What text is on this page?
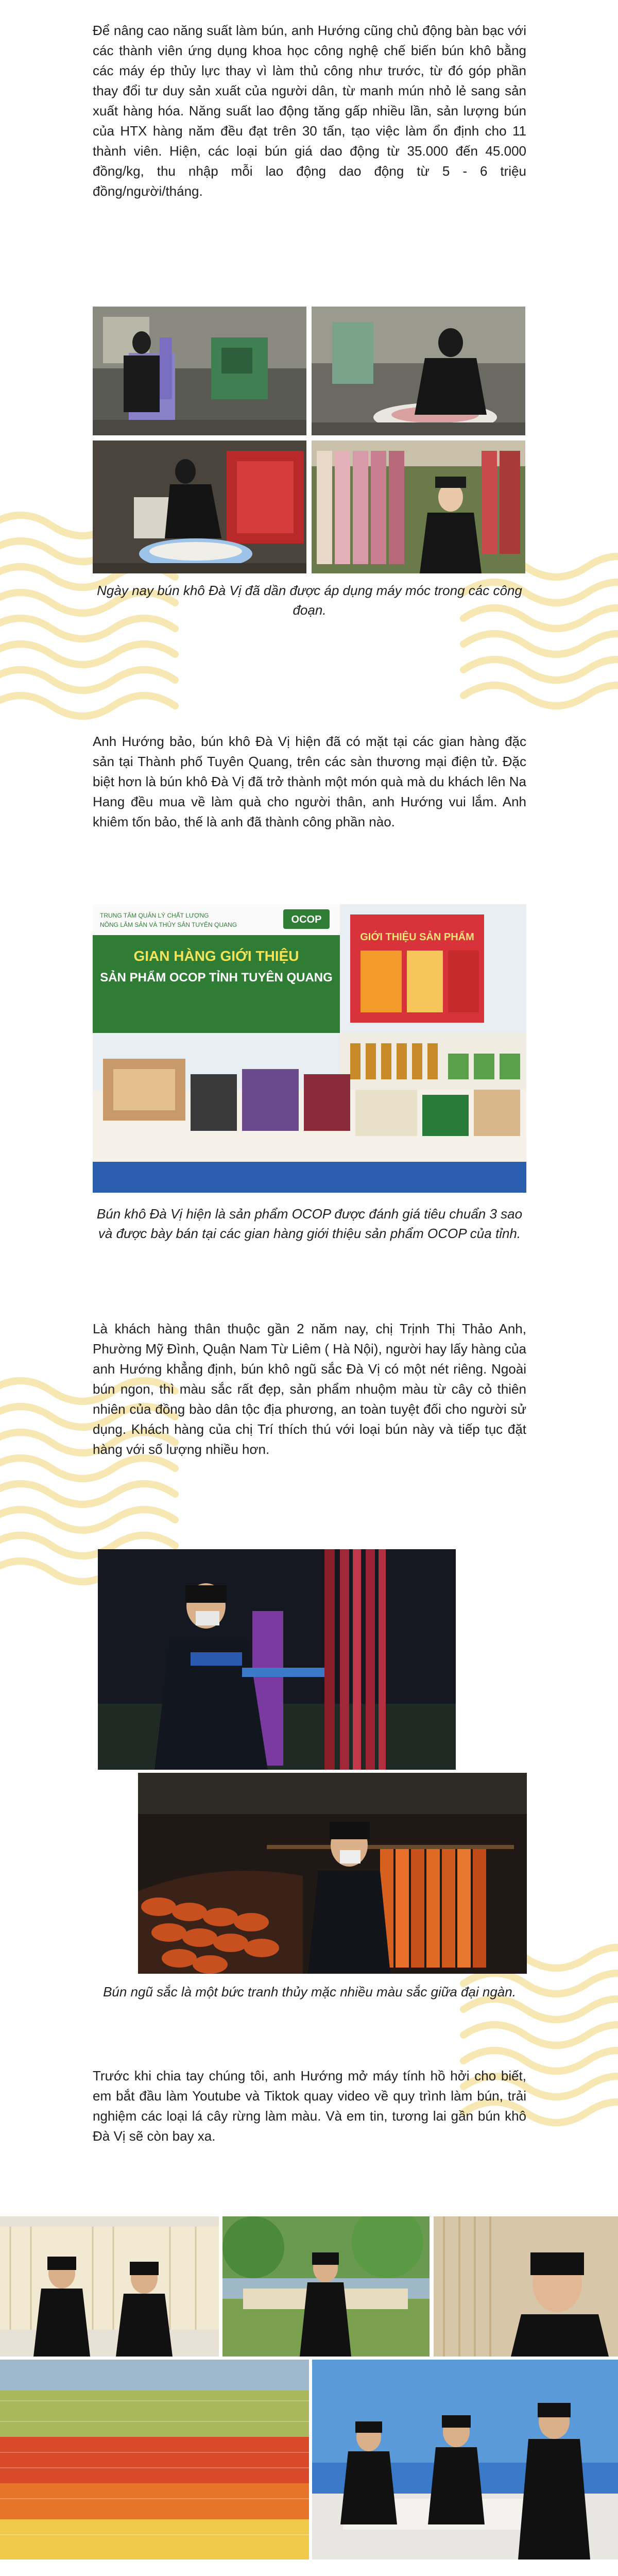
Để nâng cao năng suất làm bún, anh Hướng cũng chủ động bàn bạc với các thành viên ứng dụng khoa học công nghệ chế biến bún khô bằng các máy ép thủy lực thay vì làm thủ công như trước, từ đó góp phần thay đổi tư duy sản xuất của người dân, từ manh mún nhỏ lẻ sang sản xuất hàng hóa. Năng suất lao động tăng gấp nhiều lần, sản lượng bún của HTX hàng năm đều đạt trên 30 tấn, tạo việc làm ổn định cho 11 thành viên. Hiện, các loại bún giá dao động từ 35.000 đến 45.000 đồng/kg, thu nhập mỗi lao động dao động từ 5 - 6 triệu đồng/người/tháng.

Ngày nay bún khô Đà Vị đã dần được áp dụng máy móc trong các công đoạn.

Anh Hướng bảo, bún khô Đà Vị hiện đã có mặt tại các gian hàng đặc sản tại Thành phố Tuyên Quang, trên các sàn thương mại điện tử. Đặc biệt hơn là bún khô Đà Vị đã trở thành một món quà mà du khách lên Na Hang đều mua về làm quà cho người thân, anh Hướng vui lắm. Anh khiêm tốn bảo, thế là anh đã thành công phần nào.

TRUNG TÂM QUẢN LÝ CHẤT LƯỢNG
NÔNG LÂM SẢN VÀ THỦY SẢN TUYÊN QUANG	OCOP
GIAN HÀNG GIỚI THIỆU
SẢN PHẨM OCOP TỈNH TUYÊN QUANG
GIỚI THIỆU SẢN PHẨM

Bún khô Đà Vị hiện là sản phẩm OCOP được đánh giá tiêu chuẩn 3 sao và được bày bán tại các gian hàng giới thiệu sản phẩm OCOP của tỉnh.

Là khách hàng thân thuộc gần 2 năm nay, chị Trịnh Thị Thảo Anh, Phường Mỹ Đình, Quận Nam Từ Liêm ( Hà Nội), người hay lấy hàng của anh Hướng khẳng định, bún khô ngũ sắc Đà Vị có một nét riêng. Ngoài bún ngon, thì màu sắc rất đẹp, sản phẩm nhuộm màu từ cây cỏ thiên nhiên của đồng bào dân tộc địa phương, an toàn tuyệt đối cho người sử dụng. Khách hàng của chị Trí thích thú với loại bún này và tiếp tục đặt hàng với số lượng nhiều hơn.

Bún ngũ sắc là một bức tranh thủy mặc nhiều màu sắc giữa đại ngàn.

Trước khi chia tay chúng tôi, anh Hướng mở máy tính hồ hởi cho biết, em bắt đầu làm Youtube và Tiktok quay video về quy trình làm bún, trải nghiệm các loại lá cây rừng làm màu. Và em tin, tương lai gần bún khô Đà Vị sẽ còn bay xa.
